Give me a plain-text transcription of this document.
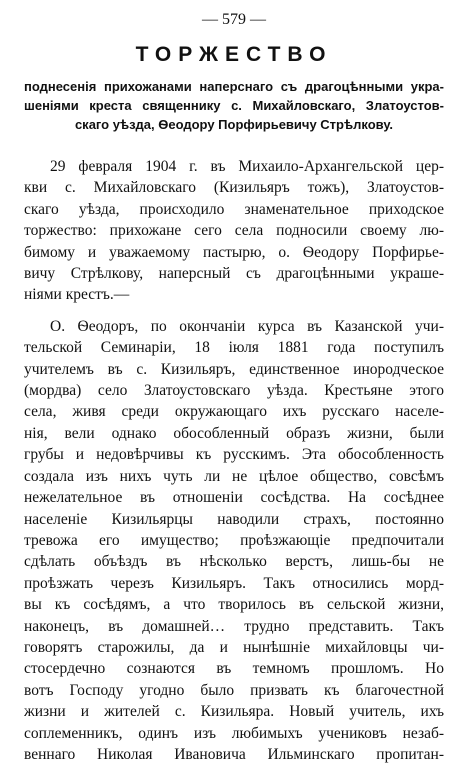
— 579 —
ТОРЖЕСТВО
поднесенія прихожанами наперснаго съ драгоцѣнными укра-
шеніями креста священнику с. Михайловскаго, Златоустов-
скаго уѣзда, Ѳеодору Порфирьевичу Стрѣлкову.
29 февраля 1904 г. въ Михаило-Архангельской цер-
кви с. Михайловскаго (Кизильяръ тожъ), Златоустов-
скаго уѣзда, происходило знаменательное приходское
торжество: прихожане сего села подносили своему лю-
бимому и уважаемому пастырю, о. Ѳеодору Порфирье-
вичу Стрѣлкову, наперсный съ драгоцѣнными украше-
ніями крестъ.—
О. Ѳеодоръ, по окончаніи курса въ Казанской учи-
тельской Семинаріи, 18 іюля 1881 года поступилъ
учителемъ въ с. Кизильяръ, единственное инородческое
(мордва) село Златоустовскаго уѣзда. Крестьяне этого
села, живя среди окружающаго ихъ русскаго населе-
нія, вели однако обособленный образъ жизни, были
грубы и недовѣрчивы къ русскимъ. Эта обособленность
создала изъ нихъ чуть ли не цѣлое общество, совсѣмъ
нежелательное въ отношеніи сосѣдства. На сосѣднее
населеніе Кизильярцы наводили страхъ, постоянно
тревожа его имущество; проѣзжающіе предпочитали
сдѣлать объѣздъ въ нѣсколько верстъ, лишь-бы не
проѣзжать черезъ Кизильяръ. Такъ относились морд-
вы къ сосѣдямъ, а что творилось въ сельской жизни,
наконецъ, въ домашней… трудно представить. Такъ
говорятъ старожилы, да и нынѣшніе михайловцы чи-
стосердечно сознаются въ темномъ прошломъ. Но
вотъ Господу угодно было призвать къ благочестной
жизни и жителей с. Кизильяра. Новый учитель, ихъ
соплеменникъ, одинъ изъ любимыхъ учениковъ незаб-
веннаго Николая Ивановича Ильминскаго пропитан-
